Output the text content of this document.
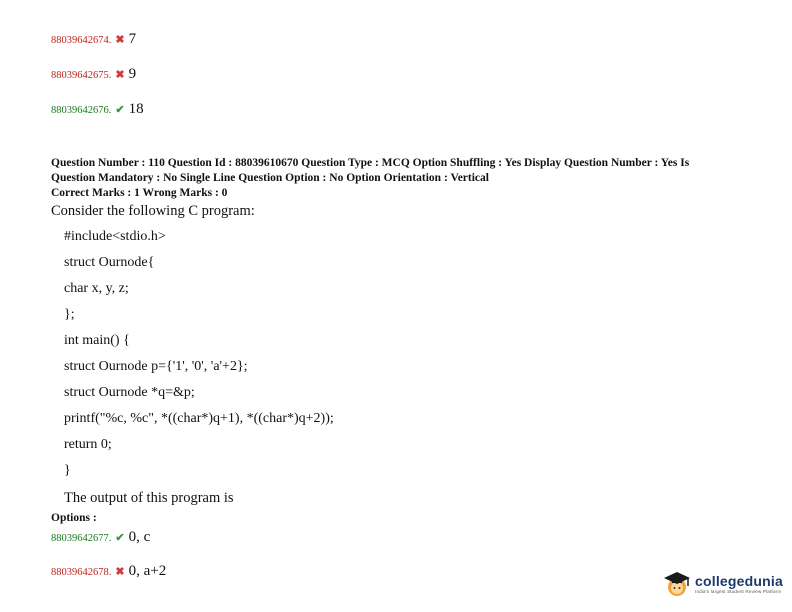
88039642674. ✖ 7
88039642675. ✖ 9
88039642676. ✔ 18
Question Number : 110 Question Id : 88039610670 Question Type : MCQ Option Shuffling : Yes Display Question Number : Yes Is
Question Mandatory : No Single Line Question Option : No Option Orientation : Vertical
Correct Marks : 1 Wrong Marks : 0
Consider the following C program:
#include<stdio.h>
struct Ournode{
char x, y, z;
};
int main() {
struct Ournode p={'1', '0', 'a'+2};
struct Ournode *q=&p;
printf("%c, %c", *((char*)q+1), *((char*)q+2));
return 0;
}
The output of this program is
Options :
88039642677. ✔ 0, c
88039642678. ✖ 0, a+2
collegedunia
India's largest Student Review Platform
